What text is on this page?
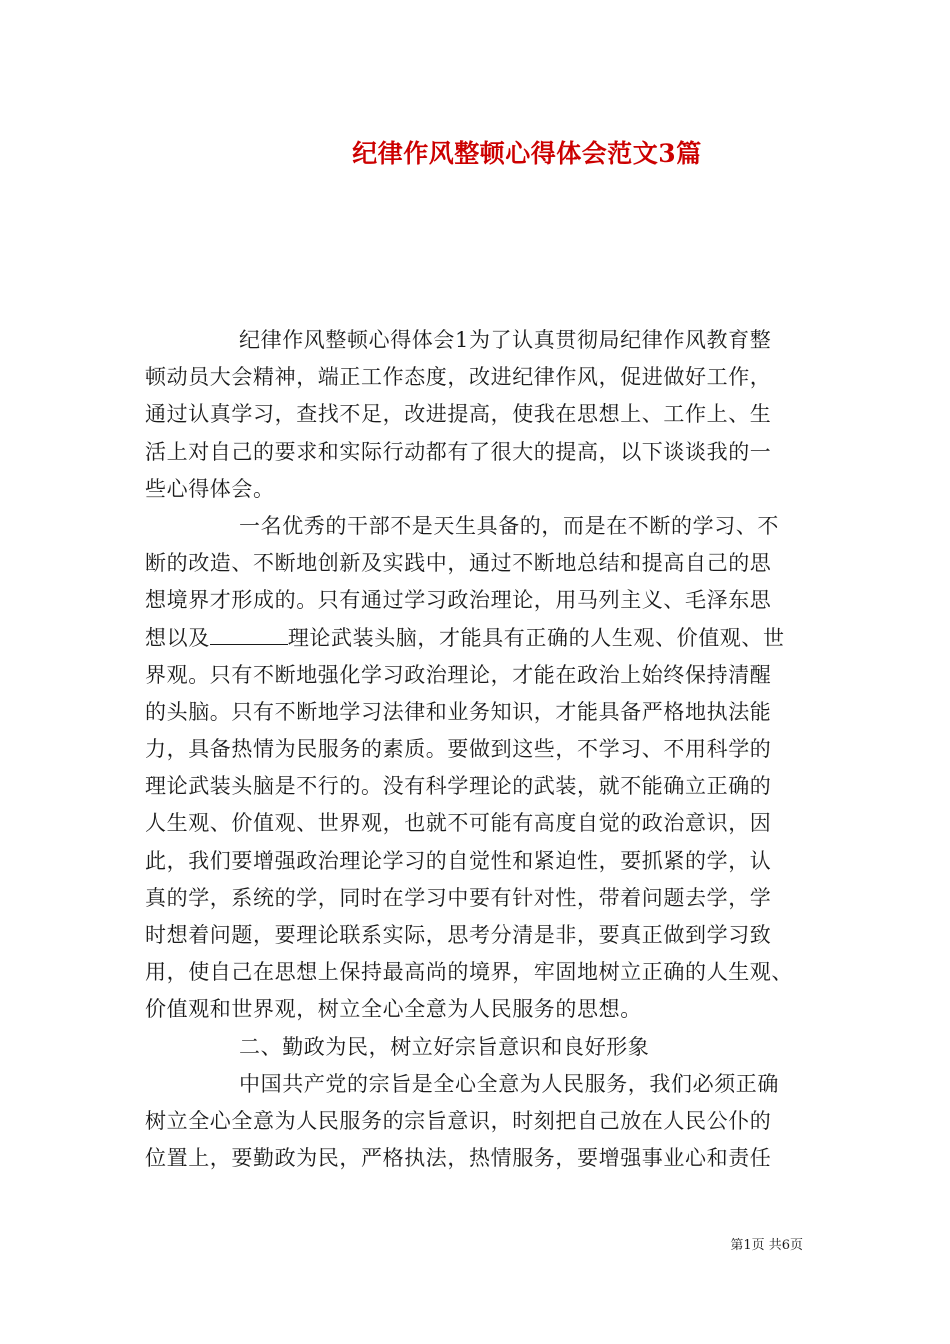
纪律作风整顿心得体会范文3篇
纪律作风整顿心得体会1为了认真贯彻局纪律作风教育整
顿动员大会精神，端正工作态度，改进纪律作风，促进做好工作，
通过认真学习，查找不足，改进提高，使我在思想上、工作上、生
活上对自己的要求和实际行动都有了很大的提高，以下谈谈我的一
些心得体会。
一名优秀的干部不是天生具备的，而是在不断的学习、不
断的改造、不断地创新及实践中，通过不断地总结和提高自己的思
想境界才形成的。只有通过学习政治理论，用马列主义、毛泽东思
想以及	理论武装头脑，才能具有正确的人生观、价值观、世
界观。只有不断地强化学习政治理论，才能在政治上始终保持清醒
的头脑。只有不断地学习法律和业务知识，才能具备严格地执法能
力，具备热情为民服务的素质。要做到这些，不学习、不用科学的
理论武装头脑是不行的。没有科学理论的武装，就不能确立正确的
人生观、价值观、世界观，也就不可能有高度自觉的政治意识，因
此，我们要增强政治理论学习的自觉性和紧迫性，要抓紧的学，认
真的学，系统的学，同时在学习中要有针对性，带着问题去学，学
时想着问题，要理论联系实际，思考分清是非，要真正做到学习致
用，使自己在思想上保持最高尚的境界，牢固地树立正确的人生观、
价值观和世界观，树立全心全意为人民服务的思想。
二、勤政为民，树立好宗旨意识和良好形象
中国共产党的宗旨是全心全意为人民服务，我们必须正确
树立全心全意为人民服务的宗旨意识，时刻把自己放在人民公仆的
位置上，要勤政为民，严格执法，热情服务，要增强事业心和责任
第1页 共6页
